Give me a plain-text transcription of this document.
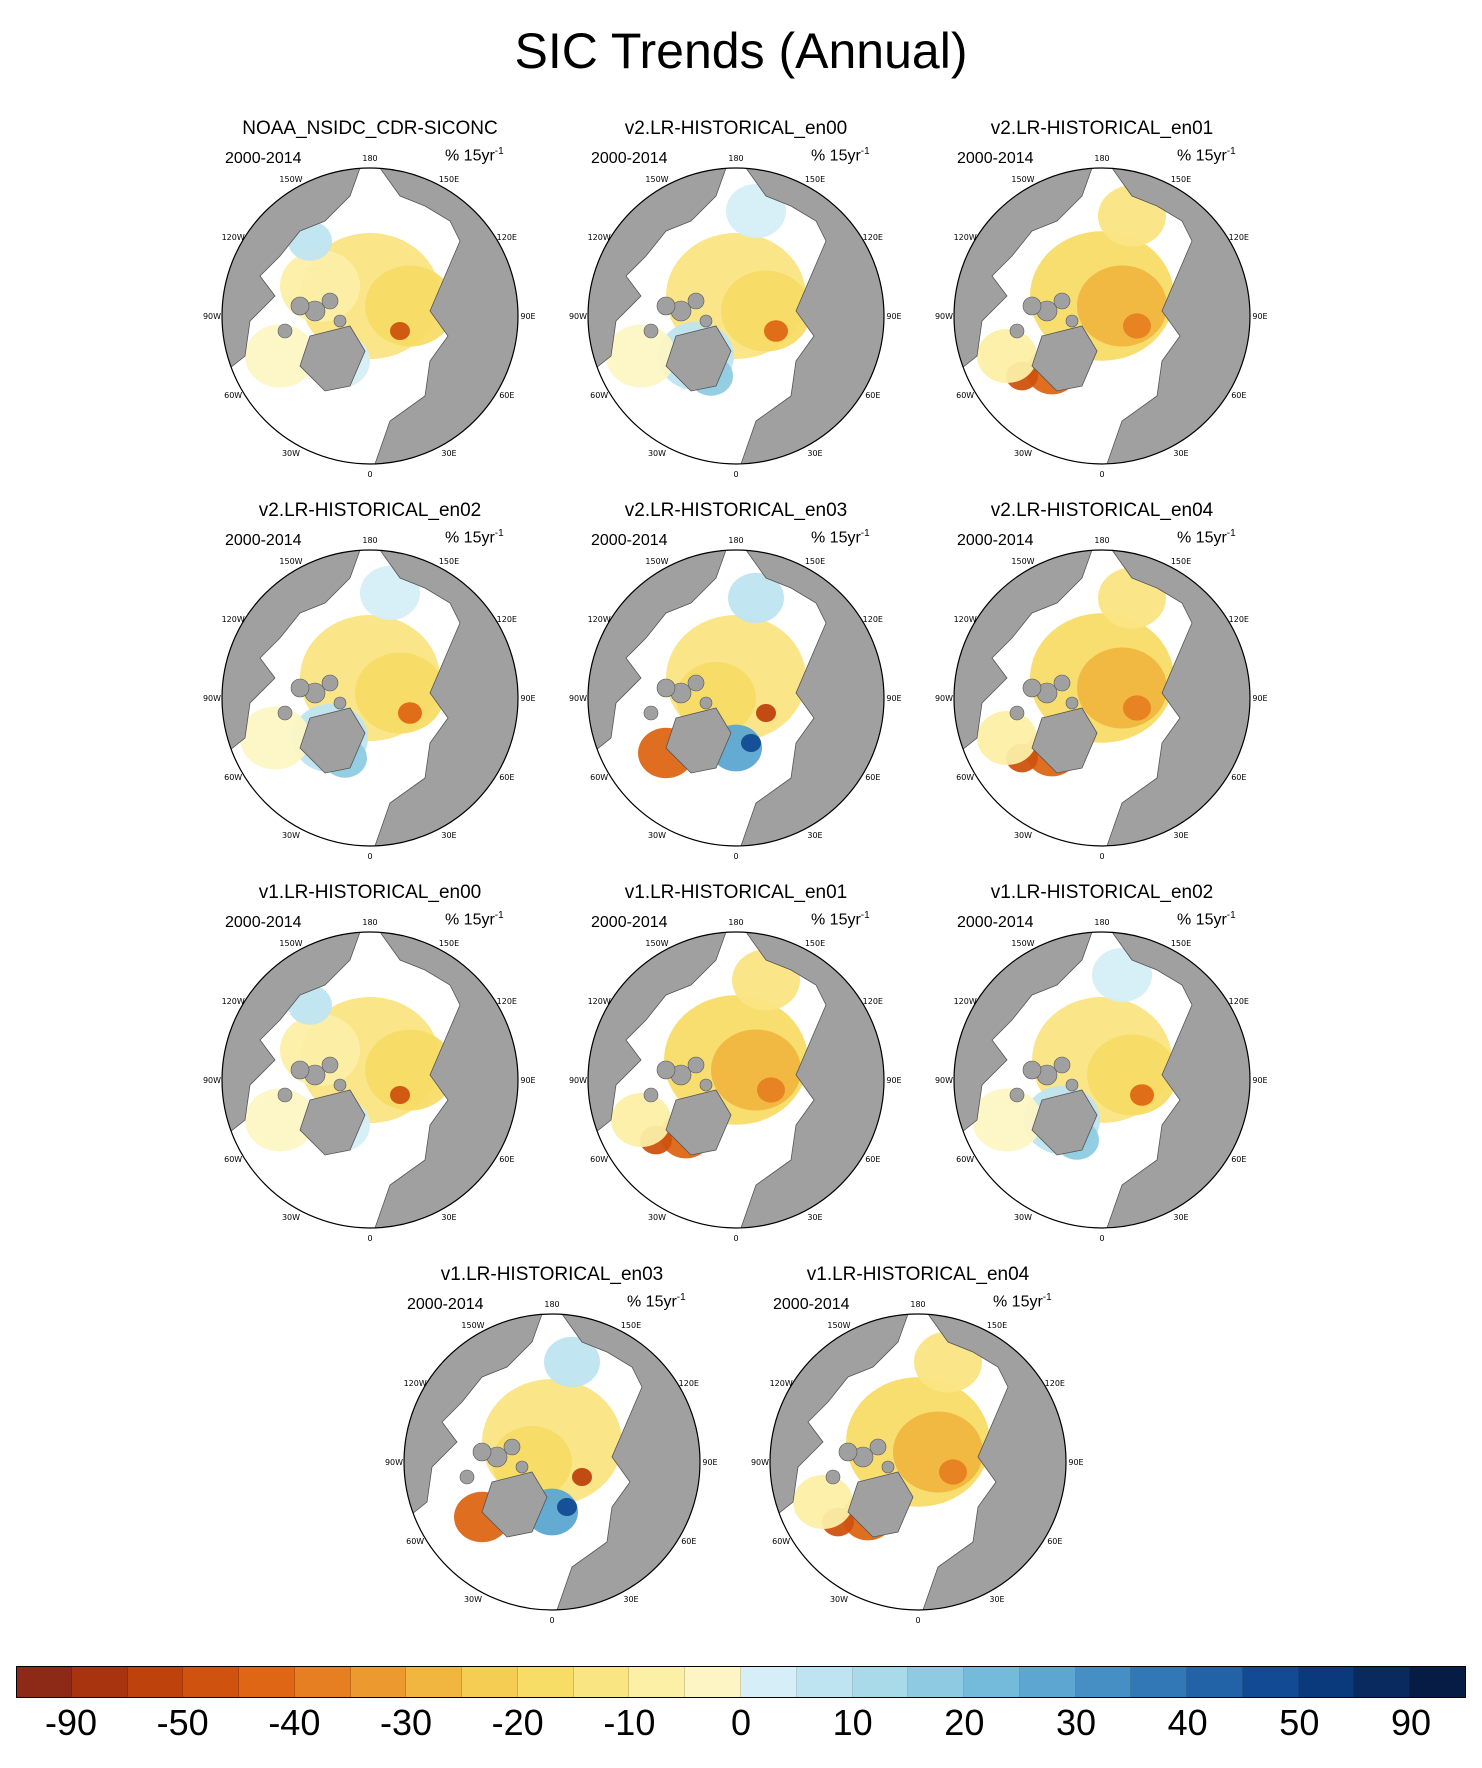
SIC Trends (Annual)
NOAA_NSIDC_CDR-SICONC
2000-2014	% $15yr^{-1}$
180
150E
120E
90E
60E
30E
0
30W
60W
90W
120W
150W
v2.LR-HISTORICAL_en00
2000-2014	% $15yr^{-1}$
180
150E
120E
90E
60E
30E
0
30W
60W
90W
120W
150W
v2.LR-HISTORICAL_en01
2000-2014	% $15yr^{-1}$
180
150E
120E
90E
60E
30E
0
30W
60W
90W
120W
150W
v2.LR-HISTORICAL_en02
2000-2014	% $15yr^{-1}$
180
150E
120E
90E
60E
30E
0
30W
60W
90W
120W
150W
v2.LR-HISTORICAL_en03
2000-2014	% $15yr^{-1}$
180
150E
120E
90E
60E
30E
0
30W
60W
90W
120W
150W
v2.LR-HISTORICAL_en04
2000-2014	% $15yr^{-1}$
180
150E
120E
90E
60E
30E
0
30W
60W
90W
120W
150W
v1.LR-HISTORICAL_en00
2000-2014	% $15yr^{-1}$
180
150E
120E
90E
60E
30E
0
30W
60W
90W
120W
150W
v1.LR-HISTORICAL_en01
2000-2014	% $15yr^{-1}$
180
150E
120E
90E
60E
30E
0
30W
60W
90W
120W
150W
v1.LR-HISTORICAL_en02
2000-2014	% $15yr^{-1}$
180
150E
120E
90E
60E
30E
0
30W
60W
90W
120W
150W
v1.LR-HISTORICAL_en03
2000-2014	% $15yr^{-1}$
180
150E
120E
90E
60E
30E
0
30W
60W
90W
120W
150W
v1.LR-HISTORICAL_en04
2000-2014	% $15yr^{-1}$
180
150E
120E
90E
60E
30E
0
30W
60W
90W
120W
150W
-90 -50 -40 -30 -20 -10 0 10 20 30 40 50 90
